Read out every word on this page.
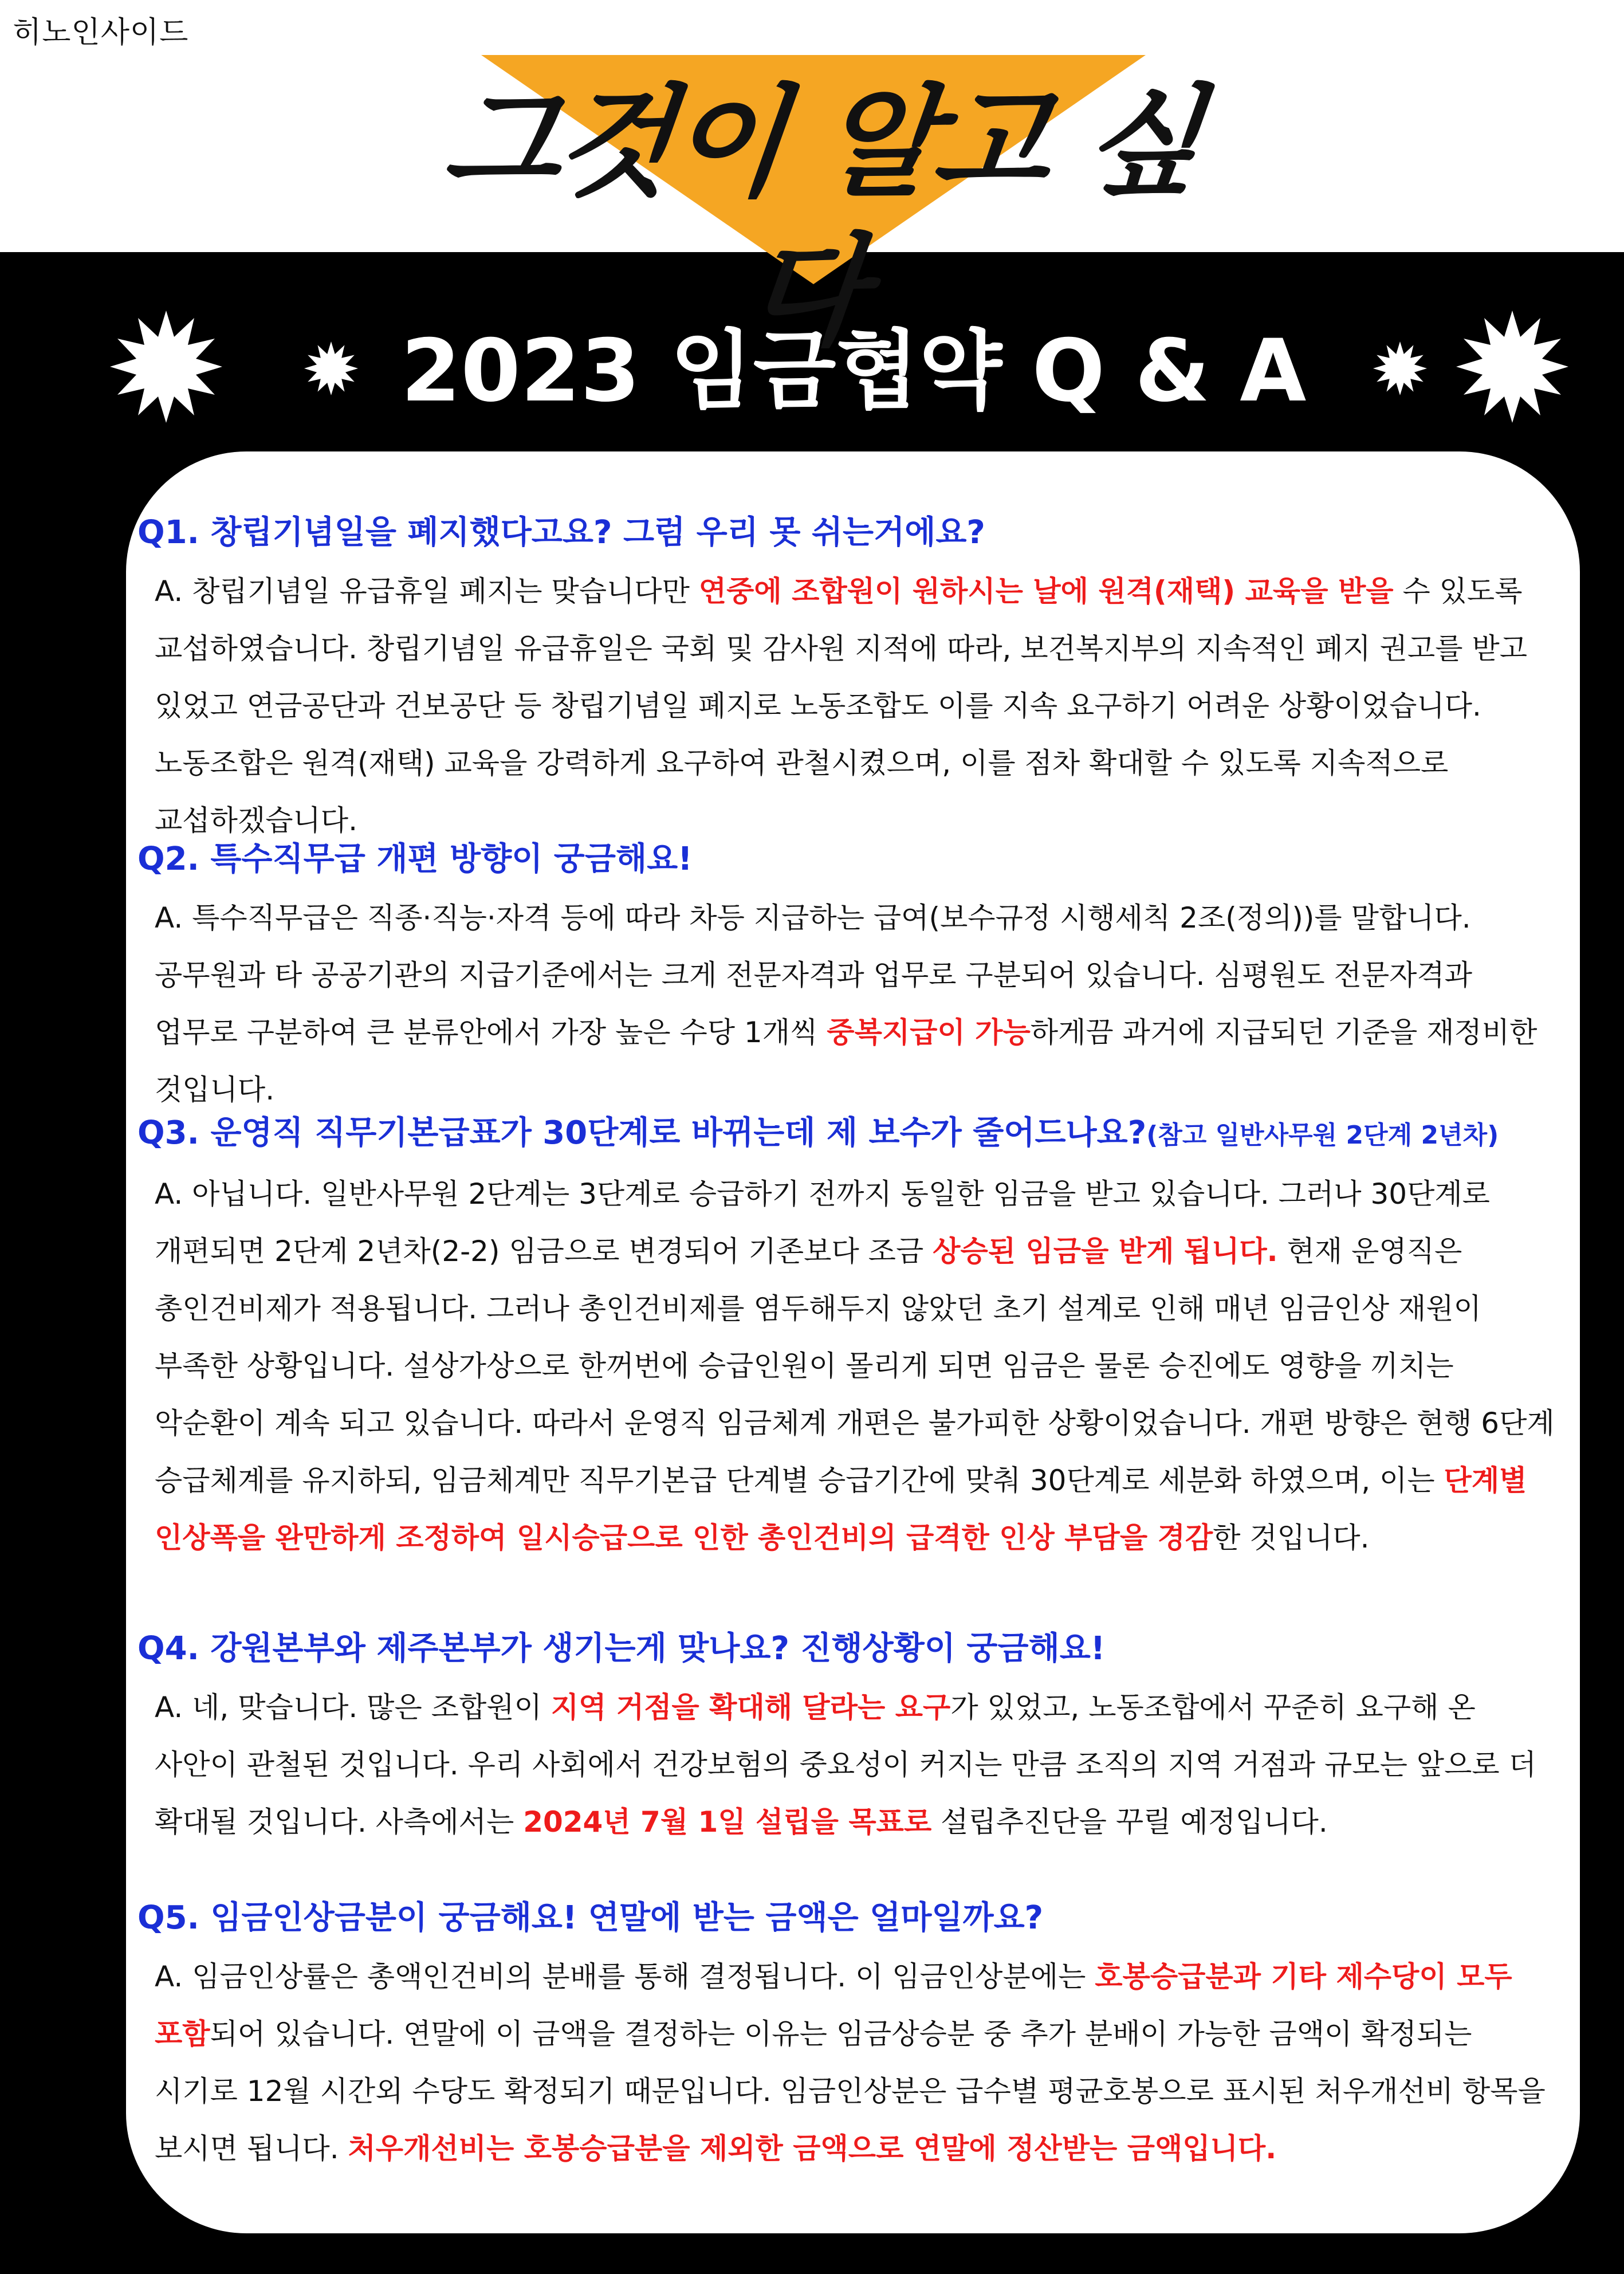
히노인사이드
그것이 알고 싶다
2023 임금협약 Q & A
Q1. 창립기념일을 폐지했다고요? 그럼 우리 못 쉬는거에요?
A. 창립기념일 유급휴일 폐지는 맞습니다만 연중에 조합원이 원하시는 날에 원격(재택) 교육을 받을 수 있도록 교섭하였습니다. 창립기념일 유급휴일은 국회 및 감사원 지적에 따라, 보건복지부의 지속적인 폐지 권고를 받고 있었고 연금공단과 건보공단 등 창립기념일 폐지로 노동조합도 이를 지속 요구하기 어려운 상황이었습니다. 노동조합은 원격(재택) 교육을 강력하게 요구하여 관철시켰으며, 이를 점차 확대할 수 있도록 지속적으로 교섭하겠습니다.
Q2. 특수직무급 개편 방향이 궁금해요!
A. 특수직무급은 직종·직능·자격 등에 따라 차등 지급하는 급여(보수규정 시행세칙 2조(정의))를 말합니다. 공무원과 타 공공기관의 지급기준에서는 크게 전문자격과 업무로 구분되어 있습니다. 심평원도 전문자격과 업무로 구분하여 큰 분류안에서 가장 높은 수당 1개씩 중복지급이 가능하게끔 과거에 지급되던 기준을 재정비한 것입니다.
Q3. 운영직 직무기본급표가 30단계로 바뀌는데 제 보수가 줄어드나요?(참고 일반사무원 2단계 2년차)
A. 아닙니다. 일반사무원 2단계는 3단계로 승급하기 전까지 동일한 임금을 받고 있습니다. 그러나 30단계로 개편되면 2단계 2년차(2-2) 임금으로 변경되어 기존보다 조금 상승된 임금을 받게 됩니다. 현재 운영직은 총인건비제가 적용됩니다. 그러나 총인건비제를 염두해두지 않았던 초기 설계로 인해 매년 임금인상 재원이 부족한 상황입니다. 설상가상으로 한꺼번에 승급인원이 몰리게 되면 임금은 물론 승진에도 영향을 끼치는 악순환이 계속 되고 있습니다. 따라서 운영직 임금체계 개편은 불가피한 상황이었습니다. 개편 방향은 현행 6단계 승급체계를 유지하되, 임금체계만 직무기본급 단계별 승급기간에 맞춰 30단계로 세분화 하였으며, 이는 단계별 인상폭을 완만하게 조정하여 일시승급으로 인한 총인건비의 급격한 인상 부담을 경감한 것입니다.
Q4. 강원본부와 제주본부가 생기는게 맞나요? 진행상황이 궁금해요!
A. 네, 맞습니다. 많은 조합원이 지역 거점을 확대해 달라는 요구가 있었고, 노동조합에서 꾸준히 요구해 온 사안이 관철된 것입니다. 우리 사회에서 건강보험의 중요성이 커지는 만큼 조직의 지역 거점과 규모는 앞으로 더 확대될 것입니다. 사측에서는 2024년 7월 1일 설립을 목표로 설립추진단을 꾸릴 예정입니다.
Q5. 임금인상금분이 궁금해요! 연말에 받는 금액은 얼마일까요?
A. 임금인상률은 총액인건비의 분배를 통해 결정됩니다. 이 임금인상분에는 호봉승급분과 기타 제수당이 모두 포함되어 있습니다. 연말에 이 금액을 결정하는 이유는 임금상승분 중 추가 분배이 가능한 금액이 확정되는 시기로 12월 시간외 수당도 확정되기 때문입니다. 임금인상분은 급수별 평균호봉으로 표시된 처우개선비 항목을 보시면 됩니다. 처우개선비는 호봉승급분을 제외한 금액으로 연말에 정산받는 금액입니다.
